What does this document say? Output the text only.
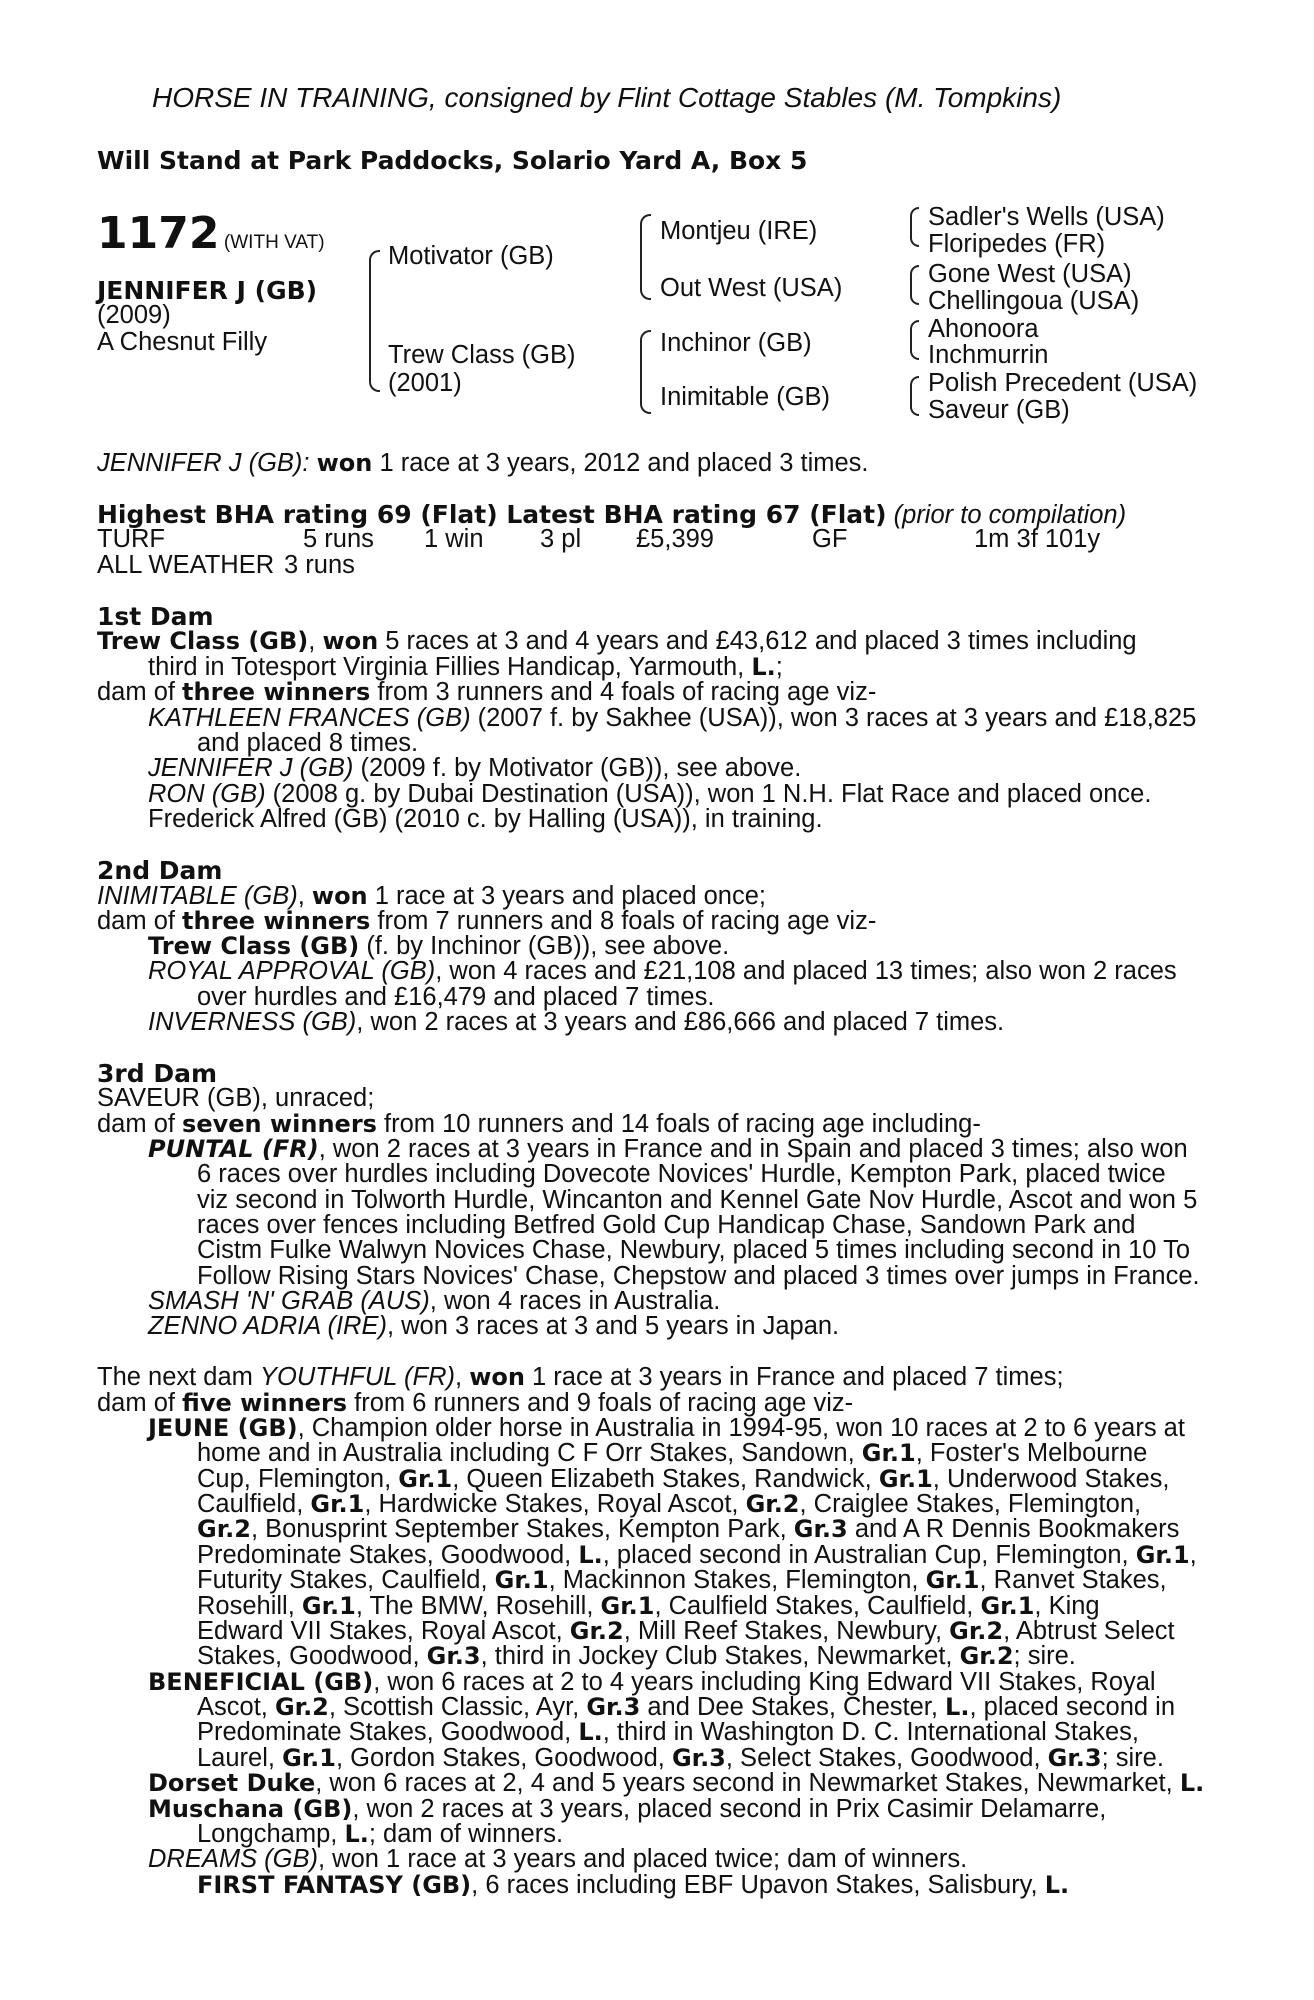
HORSE IN TRAINING, consigned by Flint Cottage Stables (M. Tompkins)
Will Stand at Park Paddocks, Solario Yard A, Box 5
1172 (WITH VAT)
JENNIFER J (GB)
(2009)
A Chesnut Filly
Motivator (GB)
Trew Class (GB)
(2001)
Montjeu (IRE)
Out West (USA)
Inchinor (GB)
Inimitable (GB)
Sadler's Wells (USA)
Floripedes (FR)
Gone West (USA)
Chellingoua (USA)
Ahonoora
Inchmurrin
Polish Precedent (USA)
Saveur (GB)
JENNIFER J (GB): won 1 race at 3 years, 2012 and placed 3 times.
Highest BHA rating 69 (Flat) Latest BHA rating 67 (Flat) (prior to compilation)
TURF	5 runs 1 win 3 pl £5,399	GF	1m 3f 101y
ALL WEATHER 3 runs
1st Dam
Trew Class (GB), won 5 races at 3 and 4 years and £43,612 and placed 3 times including
third in Totesport Virginia Fillies Handicap, Yarmouth, L.;
dam of three winners from 3 runners and 4 foals of racing age viz-
KATHLEEN FRANCES (GB) (2007 f. by Sakhee (USA)), won 3 races at 3 years and £18,825
and placed 8 times.
JENNIFER J (GB) (2009 f. by Motivator (GB)), see above.
RON (GB) (2008 g. by Dubai Destination (USA)), won 1 N.H. Flat Race and placed once.
Frederick Alfred (GB) (2010 c. by Halling (USA)), in training.
2nd Dam
INIMITABLE (GB), won 1 race at 3 years and placed once;
dam of three winners from 7 runners and 8 foals of racing age viz-
Trew Class (GB) (f. by Inchinor (GB)), see above.
ROYAL APPROVAL (GB), won 4 races and £21,108 and placed 13 times; also won 2 races
over hurdles and £16,479 and placed 7 times.
INVERNESS (GB), won 2 races at 3 years and £86,666 and placed 7 times.
3rd Dam
SAVEUR (GB), unraced;
dam of seven winners from 10 runners and 14 foals of racing age including-
PUNTAL (FR), won 2 races at 3 years in France and in Spain and placed 3 times; also won
6 races over hurdles including Dovecote Novices' Hurdle, Kempton Park, placed twice
viz second in Tolworth Hurdle, Wincanton and Kennel Gate Nov Hurdle, Ascot and won 5
races over fences including Betfred Gold Cup Handicap Chase, Sandown Park and
Cistm Fulke Walwyn Novices Chase, Newbury, placed 5 times including second in 10 To
Follow Rising Stars Novices' Chase, Chepstow and placed 3 times over jumps in France.
SMASH 'N' GRAB (AUS), won 4 races in Australia.
ZENNO ADRIA (IRE), won 3 races at 3 and 5 years in Japan.
The next dam YOUTHFUL (FR), won 1 race at 3 years in France and placed 7 times;
dam of five winners from 6 runners and 9 foals of racing age viz-
JEUNE (GB), Champion older horse in Australia in 1994-95, won 10 races at 2 to 6 years at
home and in Australia including C F Orr Stakes, Sandown, Gr.1, Foster's Melbourne
Cup, Flemington, Gr.1, Queen Elizabeth Stakes, Randwick, Gr.1, Underwood Stakes,
Caulfield, Gr.1, Hardwicke Stakes, Royal Ascot, Gr.2, Craiglee Stakes, Flemington,
Gr.2, Bonusprint September Stakes, Kempton Park, Gr.3 and A R Dennis Bookmakers
Predominate Stakes, Goodwood, L., placed second in Australian Cup, Flemington, Gr.1,
Futurity Stakes, Caulfield, Gr.1, Mackinnon Stakes, Flemington, Gr.1, Ranvet Stakes,
Rosehill, Gr.1, The BMW, Rosehill, Gr.1, Caulfield Stakes, Caulfield, Gr.1, King
Edward VII Stakes, Royal Ascot, Gr.2, Mill Reef Stakes, Newbury, Gr.2, Abtrust Select
Stakes, Goodwood, Gr.3, third in Jockey Club Stakes, Newmarket, Gr.2; sire.
BENEFICIAL (GB), won 6 races at 2 to 4 years including King Edward VII Stakes, Royal
Ascot, Gr.2, Scottish Classic, Ayr, Gr.3 and Dee Stakes, Chester, L., placed second in
Predominate Stakes, Goodwood, L., third in Washington D. C. International Stakes,
Laurel, Gr.1, Gordon Stakes, Goodwood, Gr.3, Select Stakes, Goodwood, Gr.3; sire.
Dorset Duke, won 6 races at 2, 4 and 5 years second in Newmarket Stakes, Newmarket, L.
Muschana (GB), won 2 races at 3 years, placed second in Prix Casimir Delamarre,
Longchamp, L.; dam of winners.
DREAMS (GB), won 1 race at 3 years and placed twice; dam of winners.
FIRST FANTASY (GB), 6 races including EBF Upavon Stakes, Salisbury, L.
